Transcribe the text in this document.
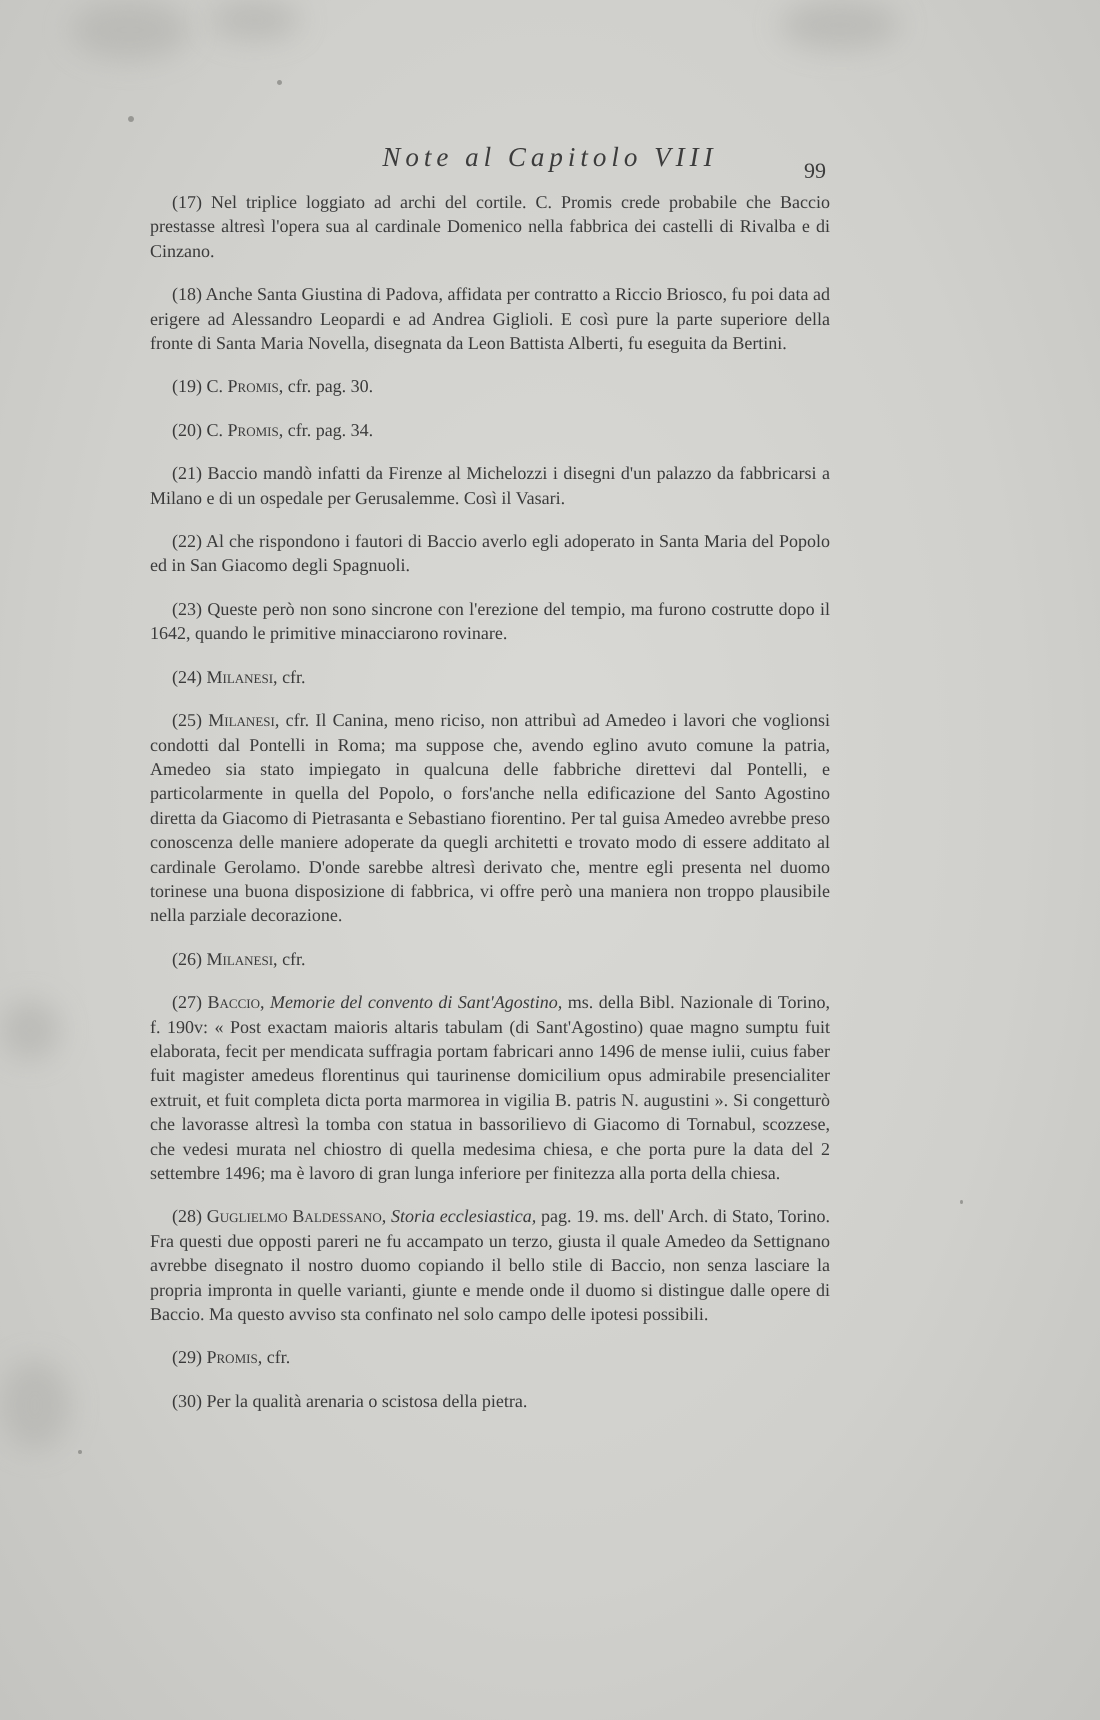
Note al Capitolo VIII	99

(17) Nel triplice loggiato ad archi del cortile. C. Promis crede probabile che Baccio prestasse altresì l'opera sua al cardinale Domenico nella fabbrica dei castelli di Rivalba e di Cinzano.

(18) Anche Santa Giustina di Padova, affidata per contratto a Riccio Briosco, fu poi data ad erigere ad Alessandro Leopardi e ad Andrea Giglioli. E così pure la parte superiore della fronte di Santa Maria Novella, disegnata da Leon Battista Alberti, fu eseguita da Bertini.

(19) C. Promis, cfr. pag. 30.

(20) C. Promis, cfr. pag. 34.

(21) Baccio mandò infatti da Firenze al Michelozzi i disegni d'un palazzo da fabbricarsi a Milano e di un ospedale per Gerusalemme. Così il Vasari.

(22) Al che rispondono i fautori di Baccio averlo egli adoperato in Santa Maria del Popolo ed in San Giacomo degli Spagnuoli.

(23) Queste però non sono sincrone con l'erezione del tempio, ma furono costrutte dopo il 1642, quando le primitive minacciarono rovinare.

(24) Milanesi, cfr.

(25) Milanesi, cfr. Il Canina, meno riciso, non attribuì ad Amedeo i lavori che voglionsi condotti dal Pontelli in Roma; ma suppose che, avendo eglino avuto comune la patria, Amedeo sia stato impiegato in qualcuna delle fabbriche direttevi dal Pontelli, e particolarmente in quella del Popolo, o fors'anche nella edificazione del Santo Agostino diretta da Giacomo di Pietrasanta e Sebastiano fiorentino. Per tal guisa Amedeo avrebbe preso conoscenza delle maniere adoperate da quegli architetti e trovato modo di essere additato al cardinale Gerolamo. D'onde sarebbe altresì derivato che, mentre egli presenta nel duomo torinese una buona disposizione di fabbrica, vi offre però una maniera non troppo plausibile nella parziale decorazione.

(26) Milanesi, cfr.

(27) Baccio, Memorie del convento di Sant'Agostino, ms. della Bibl. Nazionale di Torino, f. 190v: « Post exactam maioris altaris tabulam (di Sant'Agostino) quae magno sumptu fuit elaborata, fecit per mendicata suffragia portam fabricari anno 1496 de mense iulii, cuius faber fuit magister amedeus florentinus qui taurinense domicilium opus admirabile presencialiter extruit, et fuit completa dicta porta marmorea in vigilia B. patris N. augustini ». Si congetturò che lavorasse altresì la tomba con statua in bassorilievo di Giacomo di Tornabul, scozzese, che vedesi murata nel chiostro di quella medesima chiesa, e che porta pure la data del 2 settembre 1496; ma è lavoro di gran lunga inferiore per finitezza alla porta della chiesa.

(28) Guglielmo Baldessano, Storia ecclesiastica, pag. 19. ms. dell' Arch. di Stato, Torino. Fra questi due opposti pareri ne fu accampato un terzo, giusta il quale Amedeo da Settignano avrebbe disegnato il nostro duomo copiando il bello stile di Baccio, non senza lasciare la propria impronta in quelle varianti, giunte e mende onde il duomo si distingue dalle opere di Baccio. Ma questo avviso sta confinato nel solo campo delle ipotesi possibili.

(29) Promis, cfr.

(30) Per la qualità arenaria o scistosa della pietra.
